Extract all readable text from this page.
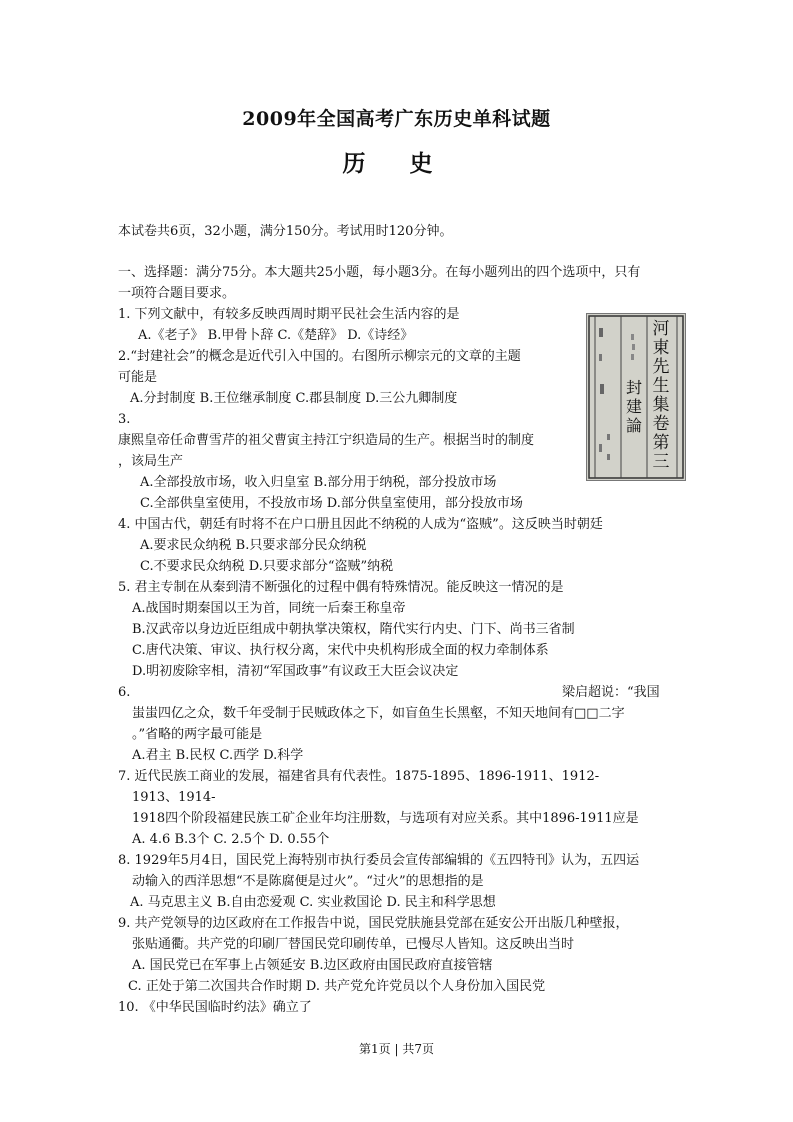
2009年全国高考广东历史单科试题
历 史
本试卷共6页，32小题，满分150分。考试用时120分钟。
一、选择题：满分75分。本大题共25小题，每小题3分。在每小题列出的四个选项中，只有
一项符合题目要求。
1. 下列文献中，有较多反映西周时期平民社会生活内容的是
A.《老子》 B.甲骨卜辞 C.《楚辞》 D.《诗经》
2.“封建社会”的概念是近代引入中国的。右图所示柳宗元的文章的主题
可能是
A.分封制度 B.王位继承制度 C.郡县制度 D.三公九卿制度
3.
康熙皇帝任命曹雪芹的祖父曹寅主持江宁织造局的生产。根据当时的制度
，该局生产
A.全部投放市场，收入归皇室 B.部分用于纳税，部分投放市场
C.全部供皇室使用，不投放市场 D.部分供皇室使用，部分投放市场
4. 中国古代，朝廷有时将不在户口册且因此不纳税的人成为“盗贼”。这反映当时朝廷
A.要求民众纳税 B.只要求部分民众纳税
C.不要求民众纳税 D.只要求部分“盗贼”纳税
5. 君主专制在从秦到清不断强化的过程中偶有特殊情况。能反映这一情况的是
A.战国时期秦国以王为首，同统一后秦王称皇帝
B.汉武帝以身边近臣组成中朝执掌决策权，隋代实行内史、门下、尚书三省制
C.唐代决策、审议、执行权分离，宋代中央机构形成全面的权力牵制体系
D.明初废除宰相，清初“军国政事”有议政王大臣会议决定
6.	梁启超说：“我国
蚩蚩四亿之众，数千年受制于民贼政体之下，如盲鱼生长黑壑，不知天地间有□□二字
。”省略的两字最可能是
A.君主 B.民权 C.西学 D.科学
7. 近代民族工商业的发展，福建省具有代表性。1875-1895、1896-1911、1912-
1913、1914-
1918四个阶段福建民族工矿企业年均注册数，与选项有对应关系。其中1896-1911应是
A. 4.6 B.3个 C. 2.5个 D. 0.55个
8. 1929年5月4日，国民党上海特别市执行委员会宣传部编辑的《五四特刊》认为，五四运
动输入的西洋思想“不是陈腐便是过火”。“过火”的思想指的是
A. 马克思主义 B.自由恋爱观 C. 实业救国论 D. 民主和科学思想
9. 共产党领导的边区政府在工作报告中说，国民党肤施县党部在延安公开出版几种壁报，
张贴通衢。共产党的印刷厂替国民党印刷传单，已慢尽人皆知。这反映出当时
A. 国民党已在军事上占领延安 B.边区政府由国民政府直接管辖
C. 正处于第二次国共合作时期 D. 共产党允许党员以个人身份加入国民党
10. 《中华民国临时约法》确立了
河東先生集卷第三
封建論
第1页 | 共7页
